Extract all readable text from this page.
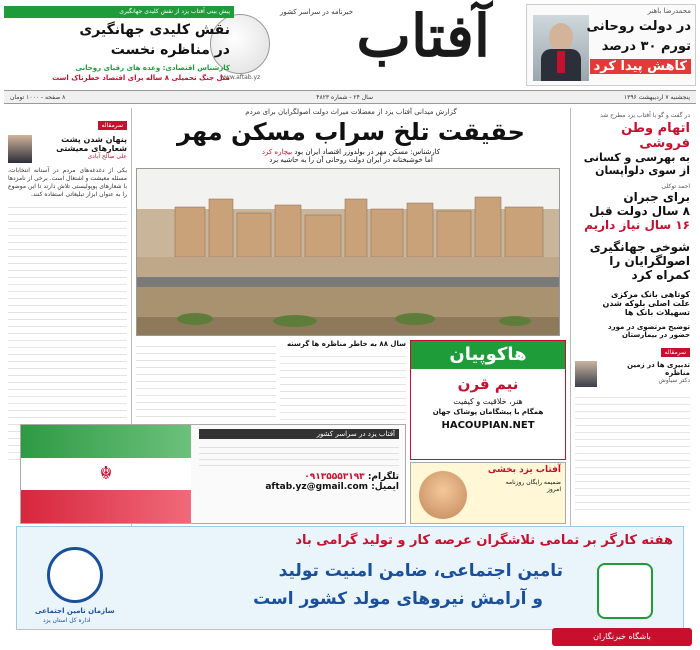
محمدرضا باهنر
در دولت روحانی
تورم ۳۰ درصد
کاهش پیدا کرد
آفتاب
خبرنامه در سراسر کشور
www.aftab.yz
پیش بینی آفتاب یزد از نقش کلیدی جهانگیری
نقش کلیدی جهانگیری
در مناظره نخست
کارشناس اقتصادی: وعده های رقبای روحانی
مثل جنگ تحمیلی ۸ ساله برای اقتصاد خطرناک است
پنجشنبه ۷ اردیبهشت ۱۳۹۶
سال ۲۴ - شماره ۴۸۲۳
۸ صفحه - ۱۰۰۰ تومان
در گفت و گو با آفتاب یزد مطرح شد
اتهام وطن فروشی
به بهرسی و کسانی
از سوی دلواپسان
احمد توکلی
برای جبران
۸ سال دولت قبل
۱۶ سال نیاز داریم
شوخی جهانگیری
اصولگرایان را
کمراه کرد
کوتاهی بانک مرکزی
علت اصلی بلوکه شدن
تسهیلات بانک ها
توضیح مرتضوی در مورد
حضور در بیمارستان
سرمقاله
تدبیری ها در زمین مناظره
دکتر سیاوش
سرمقاله
پنهان شدن پشت
شعارهای معیشتی
علی صالح آبادی
یکی از دغدغه‌های مردم در آستانه انتخابات، مسئله معیشت و اشتغال است. برخی از نامزدها با شعارهای پوپولیستی تلاش دارند تا این موضوع را به عنوان ابزار تبلیغاتی استفاده کنند.
گزارش میدانی آفتاب یزد از معضلات میراث دولت اصولگرایان برای مردم
حقیقت تلخ سراب مسکن مهر
کارشناس: مسکن مهر در بولدوزر اقتصاد ایران بود بیچاره کرد
اما خوشبختانه در ایران دولت روحانی آن را به حاشیه برد
سال ۸۸ به خاطر مناظره ها گرسنه	هاکوپیان
نیم قرن
هنر، خلاقیت و کیفیت
همگام با پیشگامان پوشاک جهان
HACOUPIAN.NET
☬
آفتاب یزد در سراسر کشور
تلگرام: ۰۹۱۳۵۵۵۳۱۹۳
ایمیل: aftab.yz@gmail.com
آفتاب یزد بخشی
ضمیمه رایگان روزنامه امروز
هفته کارگر بر تمامی تلاشگران عرصه کار و تولید گرامی باد
تامین اجتماعی، ضامن امنیت تولید
و آرامش نیروهای مولد کشور است
سازمان تامین اجتماعی
اداره کل استان یزد
باشگاه خبرنگاران
